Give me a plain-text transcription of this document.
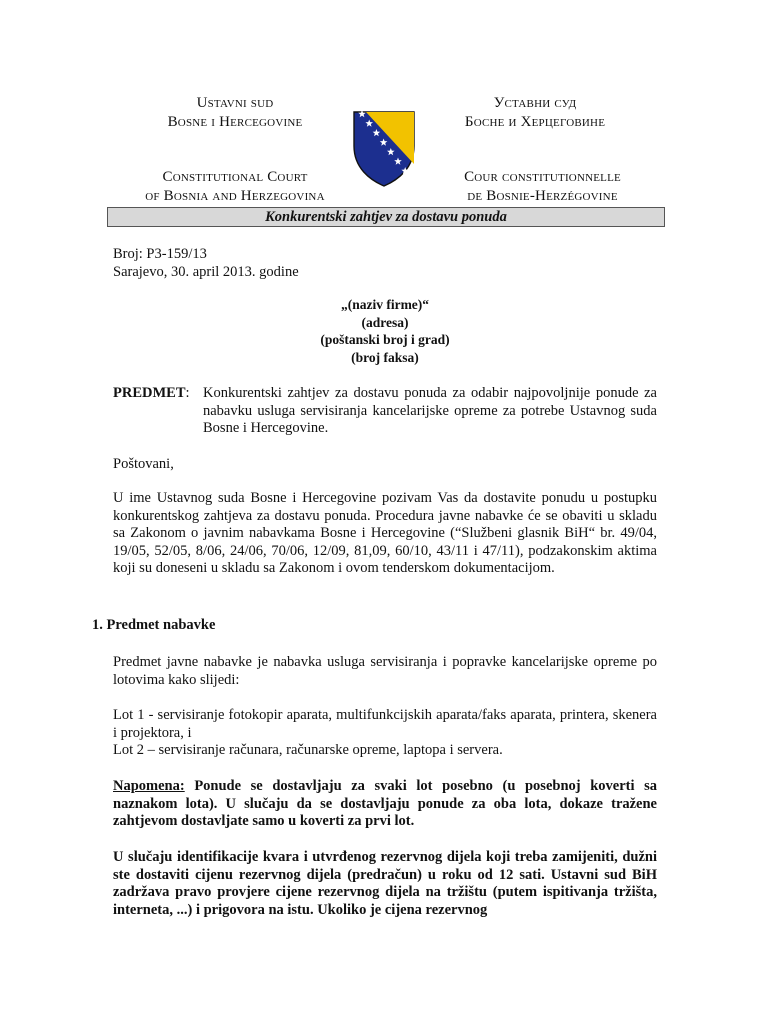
Ustavni sud
Bosne i Hercegovine
Уставни суд
Босне и Херцеговине
Constitutional Court
of Bosnia and Herzegovina
Cour constitutionnelle
de Bosnie-Herzégovine
Konkurentski zahtjev za dostavu ponuda
Broj: P3-159/13
Sarajevo, 30. april 2013. godine
„(naziv firme)“
(adresa)
(poštanski broj i grad)
(broj faksa)
PREDMET: Konkurentski zahtjev za dostavu ponuda za odabir najpovoljnije ponude za nabavku usluga servisiranja kancelarijske opreme za potrebe Ustavnog suda Bosne i Hercegovine.
Poštovani,
U ime Ustavnog suda Bosne i Hercegovine pozivam Vas da dostavite ponudu u postupku konkurentskog zahtjeva za dostavu ponuda. Procedura javne nabavke će se obaviti u skladu sa Zakonom o javnim nabavkama Bosne i Hercegovine (“Službeni glasnik BiH“ br. 49/04, 19/05, 52/05, 8/06, 24/06, 70/06, 12/09, 81,09, 60/10, 43/11 i 47/11), podzakonskim aktima koji su doneseni u skladu sa Zakonom i ovom tenderskom dokumentacijom.
1. Predmet nabavke
Predmet javne nabavke je nabavka usluga servisiranja i popravke kancelarijske opreme po lotovima kako slijedi:
Lot 1 - servisiranje fotokopir aparata, multifunkcijskih aparata/faks aparata, printera, skenera i projektora, i
Lot 2 – servisiranje računara, računarske opreme, laptopa i servera.
Napomena: Ponude se dostavljaju za svaki lot posebno (u posebnoj koverti sa naznakom lota). U slučaju da se dostavljaju ponude za oba lota, dokaze tražene zahtjevom dostavljate samo u koverti za prvi lot.
U slučaju identifikacije kvara i utvrđenog rezervnog dijela koji treba zamijeniti, dužni ste dostaviti cijenu rezervnog dijela (predračun) u roku od 12 sati. Ustavni sud BiH zadržava pravo provjere cijene rezervnog dijela na tržištu (putem ispitivanja tržišta, interneta, ...) i prigovora na istu. Ukoliko je cijena rezervnog
